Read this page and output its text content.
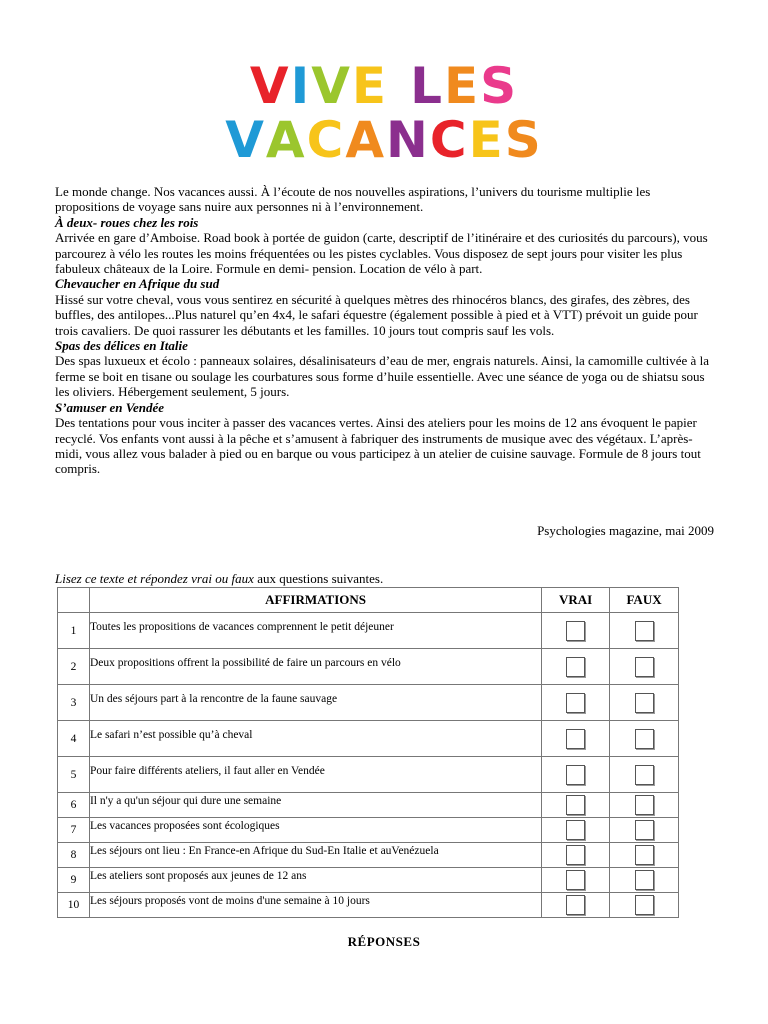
VIVE LES
VACANCES

Le monde change. Nos vacances aussi. À l’écoute de nos nouvelles aspirations, l’univers du tourisme multiplie les propositions de voyage sans nuire aux personnes ni à l’environnement.

À deux- roues chez les rois

Arrivée en gare d’Amboise. Road book à portée de guidon (carte, descriptif de l’itinéraire et des curiosités du parcours), vous parcourez à vélo les routes les moins fréquentées ou les pistes cyclables. Vous disposez de sept jours pour visiter les plus fabuleux châteaux de la Loire. Formule en demi- pension. Location de vélo à part.

Chevaucher en Afrique du sud

Hissé sur votre cheval, vous vous sentirez en sécurité à quelques mètres des rhinocéros blancs, des girafes, des zèbres, des buffles, des antilopes...Plus naturel qu’en 4x4, le safari équestre (également possible à pied et à VTT) prévoit un guide pour trois cavaliers. De quoi rassurer les débutants et les familles. 10 jours tout compris sauf les vols.

Spas des délices en Italie

Des spas luxueux et écolo : panneaux solaires, désalinisateurs d’eau de mer, engrais naturels. Ainsi, la camomille cultivée à la ferme se boit en tisane ou soulage les courbatures sous forme d’huile essentielle. Avec une séance de yoga ou de shiatsu sous les oliviers. Hébergement seulement, 5 jours.

S’amuser en Vendée

Des tentations pour vous inciter à passer des vacances vertes. Ainsi des ateliers pour les moins de 12 ans évoquent le papier recyclé. Vos enfants vont aussi à la pêche et s’amusent à fabriquer des instruments de musique avec des végétaux. L’après-midi, vous allez vous balader à pied ou en barque ou vous participez à un atelier de cuisine sauvage. Formule de 8 jours tout compris.

Psychologies magazine, mai 2009
Lisez ce texte et répondez vrai ou faux aux questions suivantes.
	AFFIRMATIONS	VRAI	FAUX
1	Toutes les propositions de vacances comprennent le petit déjeuner		
2	Deux propositions offrent la possibilité de faire un parcours en vélo		
3	Un des séjours part à la rencontre de la faune sauvage		
4	Le safari n’est possible qu’à cheval		
5	Pour faire différents ateliers, il faut aller en Vendée		
6	Il n'y a qu'un séjour qui dure une semaine		
7	Les vacances proposées sont écologiques		
8	Les séjours ont lieu : En France-en Afrique du Sud-En Italie et auVenézuela		
9	Les ateliers sont proposés aux jeunes de 12 ans		
10	Les séjours proposés vont de moins d'une semaine à 10 jours		
RÉPONSES
